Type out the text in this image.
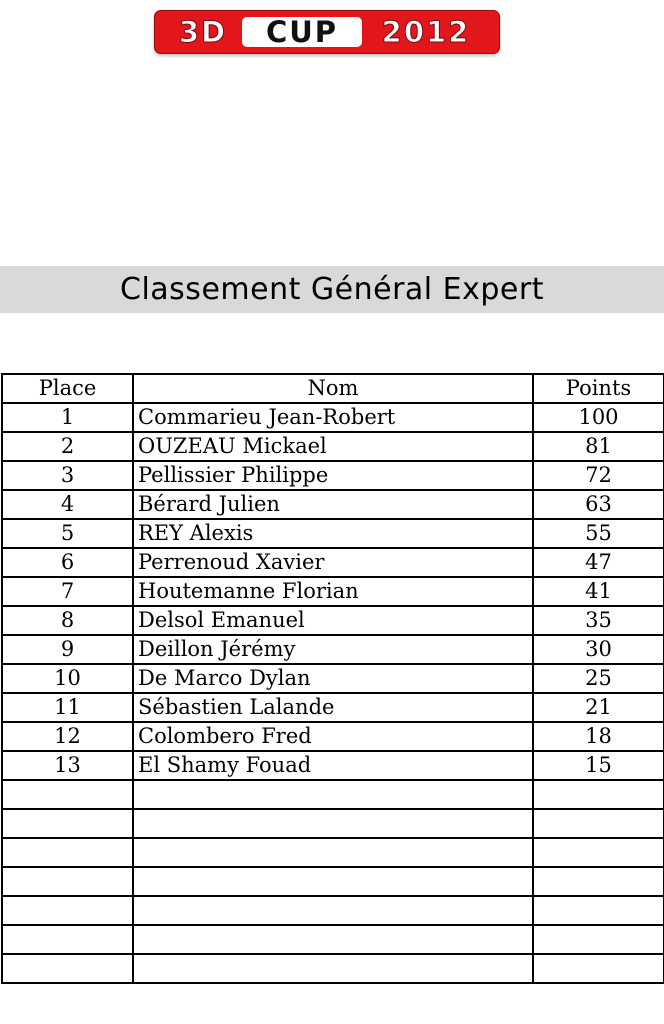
3D	CUP	2012
Classement Général Expert
Place	Nom	Points
1	Commarieu Jean-Robert	100
2	OUZEAU Mickael	81
3	Pellissier Philippe	72
4	Bérard Julien	63
5	REY Alexis	55
6	Perrenoud Xavier	47
7	Houtemanne Florian	41
8	Delsol Emanuel	35
9	Deillon Jérémy	30
10	De Marco Dylan	25
11	Sébastien Lalande	21
12	Colombero Fred	18
13	El Shamy Fouad	15
